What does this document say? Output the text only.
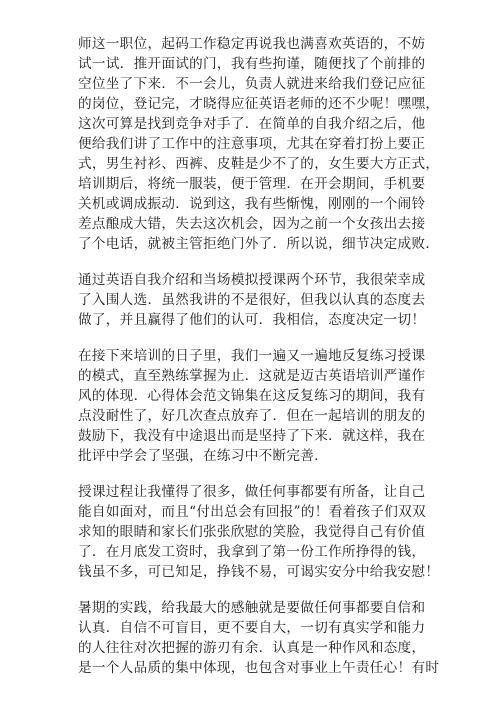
师这一职位，起码工作稳定再说我也满喜欢英语的，不妨
试一试．推开面试的门，我有些拘谨，随便找了个前排的
空位坐了下来．不一会儿，负责人就进来给我们登记应征
的岗位，登记完，才晓得应征英语老师的还不少呢！嘿嘿，
这次可算是找到竞争对手了．在简单的自我介绍之后，他
便给我们讲了工作中的注意事项，尤其在穿着打扮上要正
式，男生衬衫、西裤、皮鞋是少不了的，女生要大方正式，
培训期后，将统一服装，便于管理．在开会期间，手机要
关机或调成振动．说到这，我有些惭愧，刚刚的一个闹铃
差点酿成大错，失去这次机会，因为之前一个女孩出去接
了个电话，就被主管拒绝门外了．所以说，细节决定成败．
通过英语自我介绍和当场模拟授课两个环节，我很荣幸成
了入围人选．虽然我讲的不是很好，但我以认真的态度去
做了，并且赢得了他们的认可．我相信，态度决定一切！
在接下来培训的日子里，我们一遍又一遍地反复练习授课
的模式，直至熟练掌握为止．这就是迈古英语培训严谨作
风的体现．心得体会范文锦集在这反复练习的期间，我有
点没耐性了，好几次查点放弃了．但在一起培训的朋友的
鼓励下，我没有中途退出而是坚持了下来．就这样，我在
批评中学会了坚强，在练习中不断完善．
授课过程让我懂得了很多，做任何事都要有所备，让自己
能自如面对，而且“付出总会有回报”的！看着孩子们双双
求知的眼睛和家长们张张欣慰的笑脸，我觉得自己有价值
了．在月底发工资时，我拿到了第一份工作所挣得的钱，
钱虽不多，可已知足，挣钱不易，可谒实安分中给我安慰！
暑期的实践，给我最大的感触就是要做任何事都要自信和
认真．自信不可盲目，更不要自大，一切有真实学和能力
的人往往对次把握的游刃有余．认真是一种作风和态度，
是一个人品质的集中体现，也包含对事业上午责任心！有时
